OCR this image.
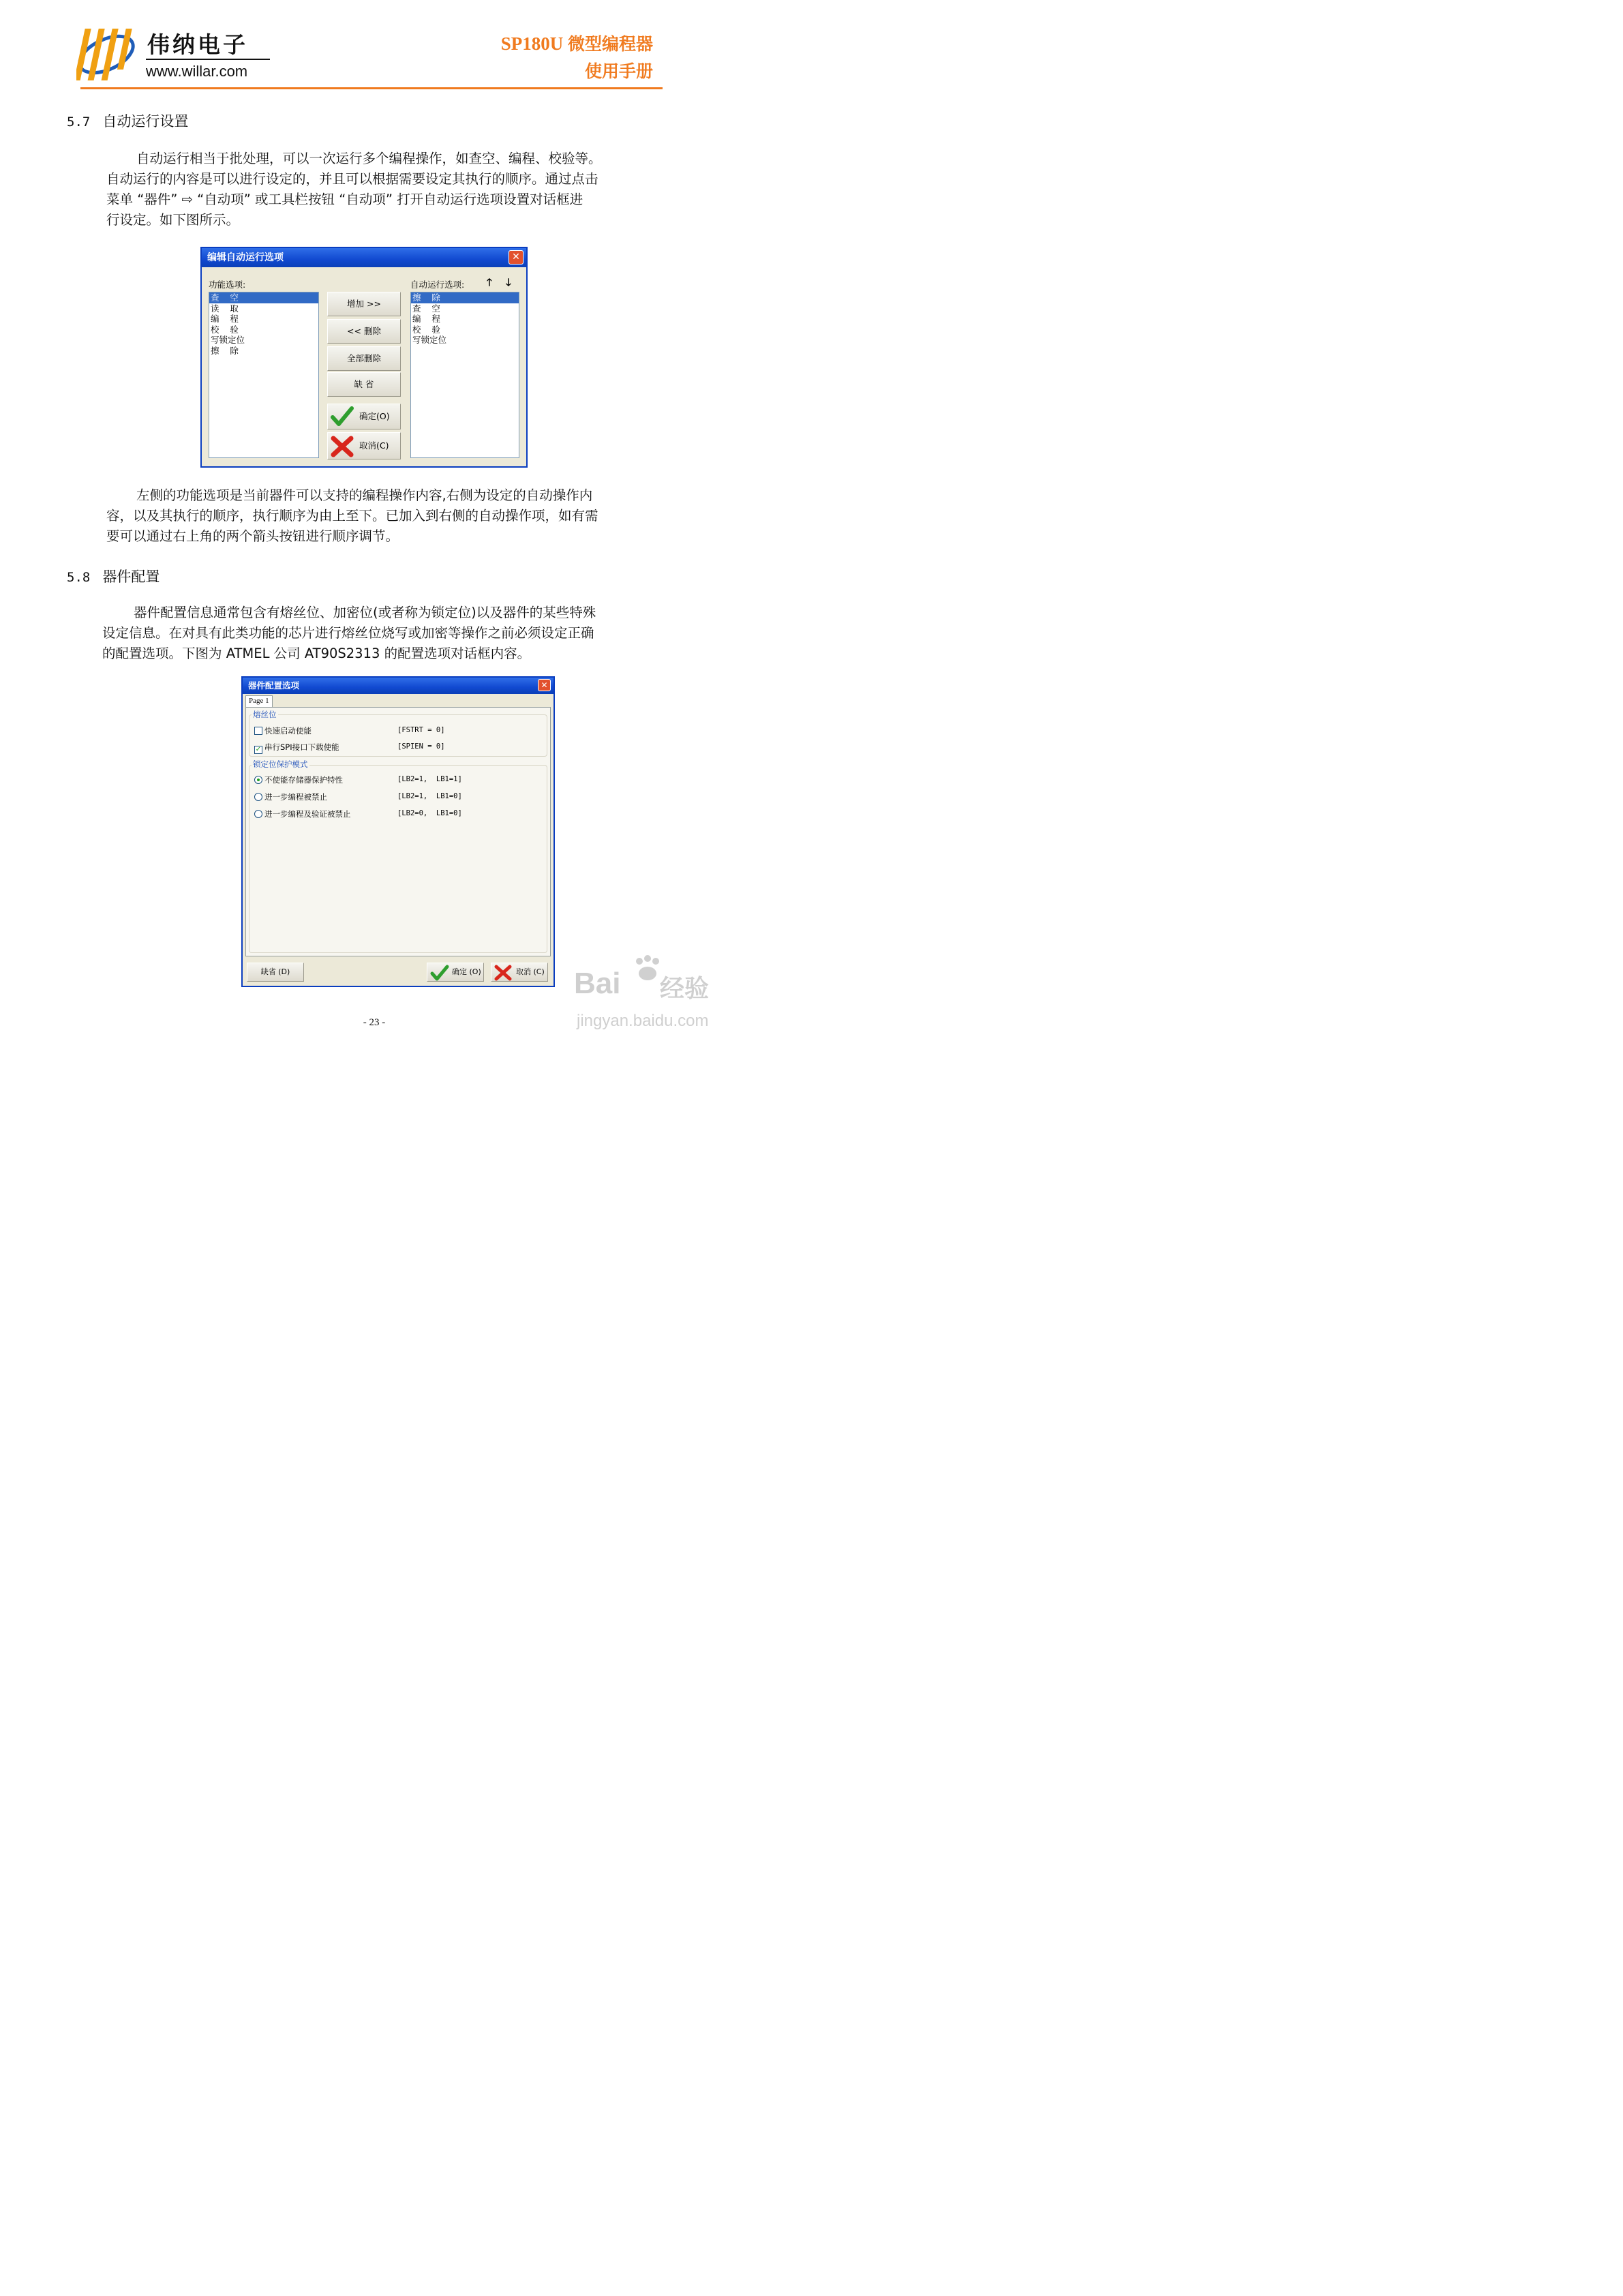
伟纳电子
www.willar.com
SP180U 微型编程器
使用手册
5.7 自动运行设置
自动运行相当于批处理，可以一次运行多个编程操作，如查空、编程、校验等。
自动运行的内容是可以进行设定的，并且可以根据需要设定其执行的顺序。通过点击
菜单 “器件” ⇨ “自动项” 或工具栏按钮 “自动项” 打开自动运行选项设置对话框进
行设定。如下图所示。
编辑自动运行选项	✕
功能选项:
查    空
读    取
编    程
校    验
写锁定位
擦    除
增加 >>
<< 删除
全部删除
缺 省
确定(O)
取消(C)
自动运行选项: 🡑 🡓
擦    除
查    空
编    程
校    验
写锁定位
左侧的功能选项是当前器件可以支持的编程操作内容,右侧为设定的自动操作内
容，以及其执行的顺序，执行顺序为由上至下。已加入到右侧的自动操作项，如有需
要可以通过右上角的两个箭头按钮进行顺序调节。
5.8 器件配置
器件配置信息通常包含有熔丝位、加密位(或者称为锁定位)以及器件的某些特殊
设定信息。在对具有此类功能的芯片进行熔丝位烧写或加密等操作之前必须设定正确
的配置选项。下图为 ATMEL 公司 AT90S2313 的配置选项对话框内容。
器件配置选项	✕
Page 1
熔丝位
快速启动使能	[FSTRT = 0]
✓ 串行SPI接口下载使能	[SPIEN = 0]
锁定位保护模式
不使能存储器保护特性	[LB2=1,  LB1=1]
进一步编程被禁止	[LB2=1,  LB1=0]
进一步编程及验证被禁止	[LB2=0,  LB1=0]
缺省 (D)	确定 (O)	取消 (C)
- 23 -
Bai 经验
jingyan.baidu.com
